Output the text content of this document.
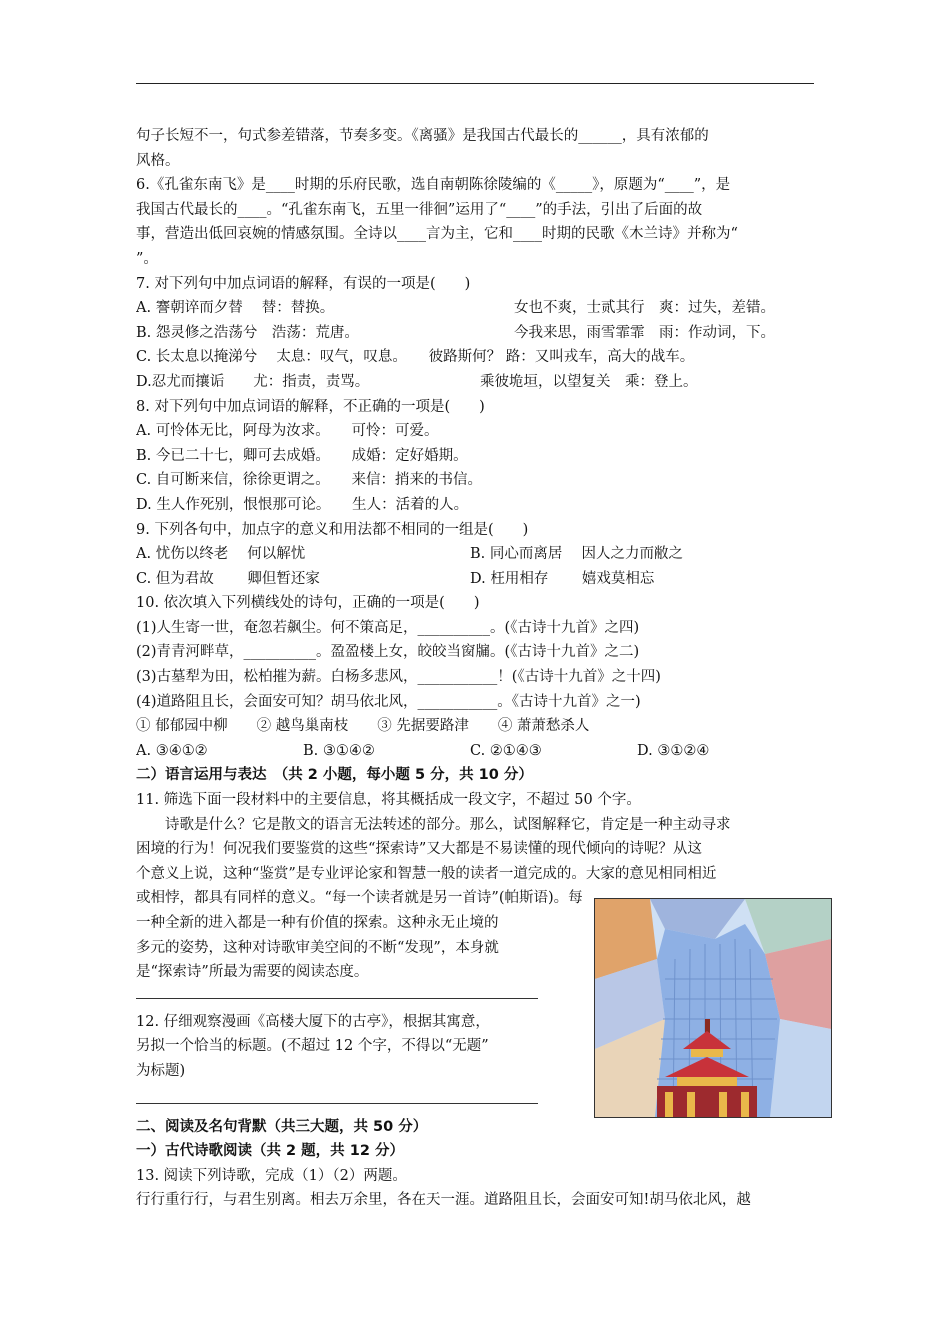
句子长短不一，句式参差错落，节奏多变。《离骚》是我国古代最长的______，具有浓郁的
风格。
6.《孔雀东南飞》是____时期的乐府民歌，选自南朝陈徐陵编的《_____》，原题为“____”，是
我国古代最长的____。“孔雀东南飞，五里一徘徊”运用了“____”的手法，引出了后面的故
事，营造出低回哀婉的情感氛围。全诗以____言为主，它和____时期的民歌《木兰诗》并称为“
”。
7. 对下列句中加点词语的解释，有误的一项是(　　)
A. 謇朝谇而夕替　 替：替换。	女也不爽，士贰其行　爽：过失，差错。
B. 怨灵修之浩荡兮　浩荡：荒唐。	今我来思，雨雪霏霏　雨：作动词，下。
C. 长太息以掩涕兮　 太息：叹气，叹息。　　彼路斯何？ 路：又叫戎车，高大的战车。
D.忍尤而攘诟　　尤：指责，责骂。	乘彼垝垣，以望复关　乘：登上。
8. 对下列句中加点词语的解释，不正确的一项是(　　)
A. 可怜体无比，阿母为汝求。　　可怜：可爱。
B. 今已二十七，卿可去成婚。　　成婚：定好婚期。
C. 自可断来信，徐徐更谓之。　　来信：捎来的书信。
D. 生人作死别，恨恨那可论。　　生人：活着的人。
9. 下列各句中，加点字的意义和用法都不相同的一组是(　　)
A. 忧伤以终老　 何以解忧	B. 同心而离居　 因人之力而敝之
C. 但为君故　　 卿但暂还家	D. 枉用相存　　 嬉戏莫相忘
10. 依次填入下列横线处的诗句，正确的一项是(　　)
(1)人生寄一世，奄忽若飙尘。何不策高足，__________。(《古诗十九首》之四)
(2)青青河畔草，__________。盈盈楼上女，皎皎当窗牖。(《古诗十九首》之二)
(3)古墓犁为田，松柏摧为薪。白杨多悲风，___________！(《古诗十九首》之十四)
(4)道路阻且长，会面安可知？胡马依北风，___________。《古诗十九首》之一)
① 郁郁园中柳　　② 越鸟巢南枝　　③ 先据要路津　　④ 萧萧愁杀人
A. ③④①②	B. ③①④②	C. ②①④③	D. ③①②④
二）语言运用与表达　（共 2 小题，每小题 5 分，共 10 分）
11. 筛选下面一段材料中的主要信息，将其概括成一段文字，不超过 50 个字。
诗歌是什么？它是散文的语言无法转述的部分。那么，试图解释它，肯定是一种主动寻求
困境的行为！何况我们要鉴赏的这些“探索诗”又大都是不易读懂的现代倾向的诗呢？从这
个意义上说，这种“鉴赏”是专业评论家和智慧一般的读者一道完成的。大家的意见相同相近
或相悖，都具有同样的意义。“每一个读者就是另一首诗”(帕斯语)。每
一种全新的进入都是一种有价值的探索。这种永无止境的
多元的姿势，这种对诗歌审美空间的不断“发现”，本身就
是“探索诗”所最为需要的阅读态度。
12. 仔细观察漫画《高楼大厦下的古亭》，根据其寓意，
另拟一个恰当的标题。(不超过 12 个字，不得以“无题”
为标题)
二、阅读及名句背默（共三大题，共 50 分）
一）古代诗歌阅读（共 2 题，共 12 分）
13. 阅读下列诗歌，完成（1）（2）两题。
行行重行行，与君生别离。相去万余里，各在天一涯。道路阻且长，会面安可知!胡马依北风，越
